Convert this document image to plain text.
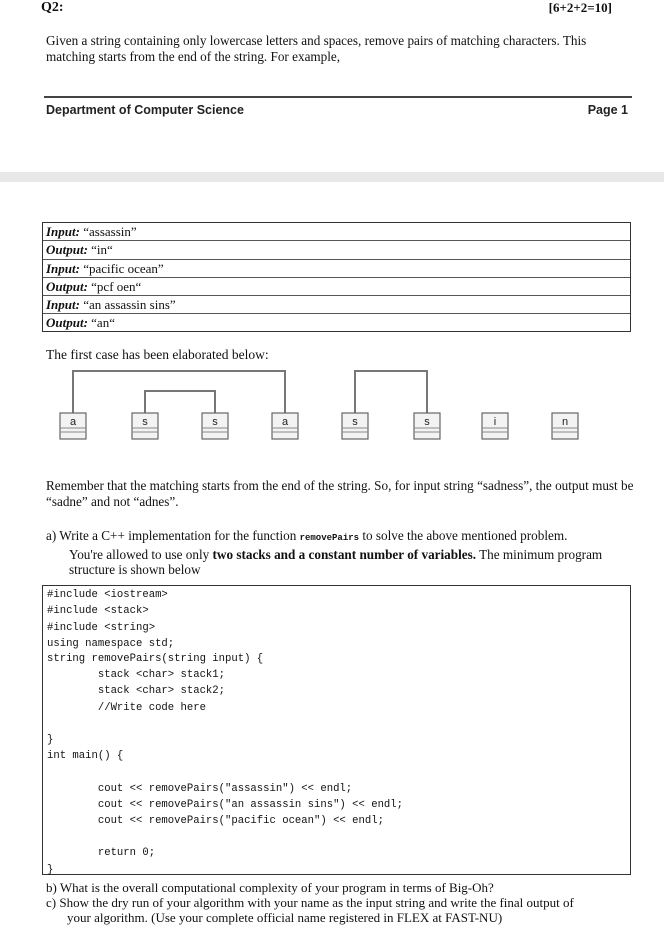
Q2:	[6+2+2=10]
Given a string containing only lowercase letters and spaces, remove pairs of matching characters. This matching starts from the end of the string. For example,
Department of Computer Science	Page 1
Input: “assassin”
Output: “in“
Input: “pacific ocean”
Output: “pcf oen“
Input: “an assassin sins”
Output: “an“
The first case has been elaborated below:
a	s	s	a	s	s	i	n
Remember that the matching starts from the end of the string. So, for input string “sadness”, the output must be “sadne” and not “adnes”.
a) Write a C++ implementation for the function removePairs to solve the above mentioned problem.
You're allowed to use only two stacks and a constant number of variables. The minimum program
structure is shown below
#include <iostream>
#include <stack>
#include <string>
using namespace std;
string removePairs(string input) {
stack <char> stack1;
stack <char> stack2;
//Write code here
}
int main() {
cout << removePairs("assassin") << endl;
cout << removePairs("an assassin sins") << endl;
cout << removePairs("pacific ocean") << endl;
return 0;
}
b) What is the overall computational complexity of your program in terms of Big-Oh?
c) Show the dry run of your algorithm with your name as the input string and write the final output of
your algorithm. (Use your complete official name registered in FLEX at FAST-NU)
